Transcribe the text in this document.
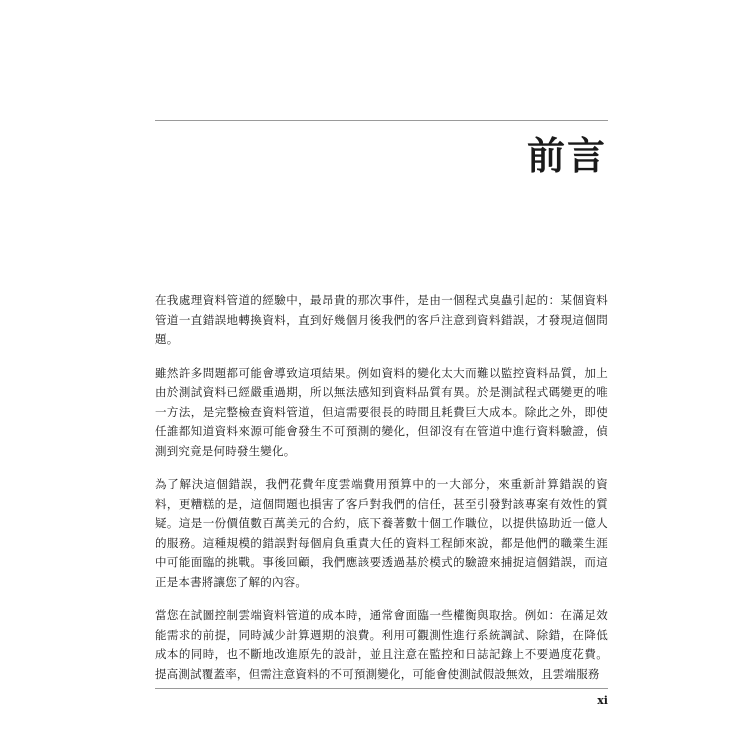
前言

在我處理資料管道的經驗中，最昂貴的那次事件，是由一個程式臭蟲引起的：某個資料管道一直錯誤地轉換資料，直到好幾個月後我們的客戶注意到資料錯誤，才發現這個問題。

雖然許多問題都可能會導致這項結果。例如資料的變化太大而難以監控資料品質，加上由於測試資料已經嚴重過期，所以無法感知到資料品質有異。於是測試程式碼變更的唯一方法，是完整檢查資料管道，但這需要很長的時間且耗費巨大成本。除此之外，即使任誰都知道資料來源可能會發生不可預測的變化，但卻沒有在管道中進行資料驗證，偵測到究竟是何時發生變化。

為了解決這個錯誤，我們花費年度雲端費用預算中的一大部分，來重新計算錯誤的資料，更糟糕的是，這個問題也損害了客戶對我們的信任，甚至引發對該專案有效性的質疑。這是一份價值數百萬美元的合約，底下養著數十個工作職位，以提供協助近一億人的服務。這種規模的錯誤對每個肩負重責大任的資料工程師來說，都是他們的職業生涯中可能面臨的挑戰。事後回顧，我們應該要透過基於模式的驗證來捕捉這個錯誤，而這正是本書將讓您了解的內容。

當您在試圖控制雲端資料管道的成本時，通常會面臨一些權衡與取捨。例如：在滿足效能需求的前提，同時減少計算週期的浪費。利用可觀測性進行系統調試、除錯，在降低成本的同時，也不斷地改進原先的設計，並且注意在監控和日誌記錄上不要過度花費。提高測試覆蓋率，但需注意資料的不可預測變化，可能會使測試假設無效，且雲端服務

xi
